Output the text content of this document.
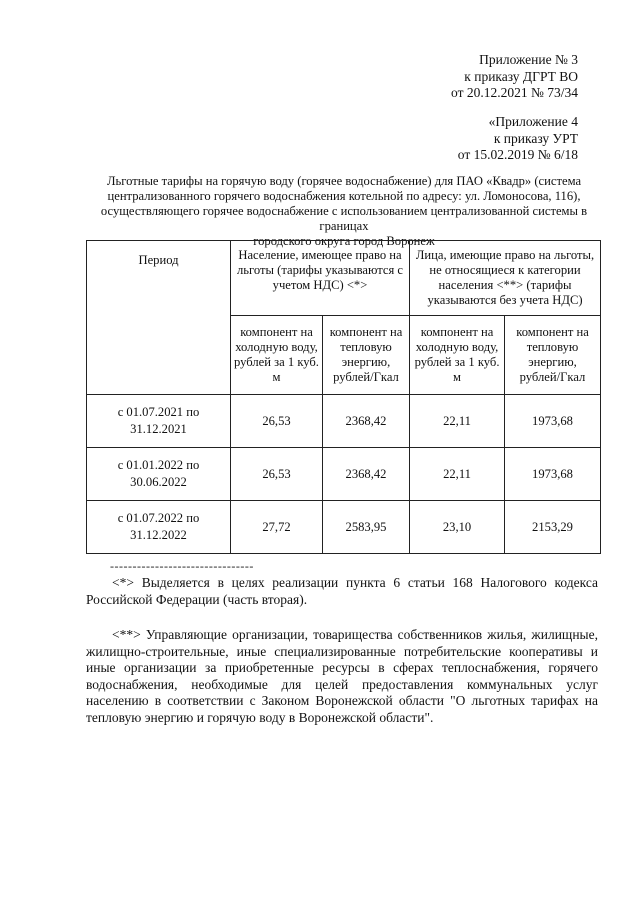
Приложение № 3
к приказу ДГРТ ВО
от 20.12.2021 № 73/34
«Приложение 4
к приказу УРТ
от 15.02.2019 № 6/18
Льготные тарифы на горячую воду (горячее водоснабжение) для ПАО «Квадр» (система
централизованного горячего водоснабжения котельной по адресу: ул. Ломоносова, 116),
осуществляющего горячее водоснабжение с использованием централизованной системы в границах
городского округа город Воронеж
Период	Население, имеющее право на льготы (тарифы указываются с учетом НДС) <*>		Лица, имеющие право на льготы, не относящиеся к категории населения <**> (тарифы указываются без учета НДС)	
	компонент на холодную воду, рублей за 1 куб. м	компонент на тепловую энергию, рублей/Гкал	компонент на холодную воду, рублей за 1 куб. м	компонент на тепловую энергию, рублей/Гкал
с 01.07.2021 по 31.12.2021	26,53	2368,42	22,11	1973,68
с 01.01.2022 по 30.06.2022	26,53	2368,42	22,11	1973,68
с 01.07.2022 по 31.12.2022	27,72	2583,95	23,10	2153,29
--------------------------------
<*> Выделяется в целях реализации пункта 6 статьи 168 Налогового кодекса Российской Федерации (часть вторая).
<**> Управляющие организации, товарищества собственников жилья, жилищные, жилищно-строительные, иные специализированные потребительские кооперативы и иные организации за приобретенные ресурсы в сферах теплоснабжения, горячего водоснабжения, необходимые для целей предоставления коммунальных услуг населению в соответствии с Законом Воронежской области "О льготных тарифах на тепловую энергию и горячую воду в Воронежской области".
